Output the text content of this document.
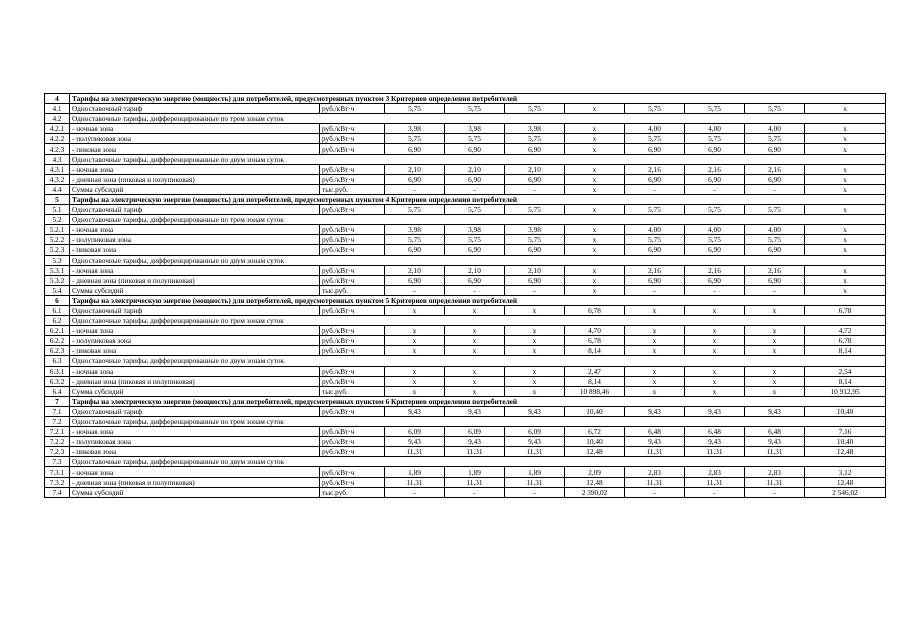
4	Тарифы на электрическую энергию (мощность) для потребителей, предусмотренных пунктом 3 Критериев определения потребителей									
4.1	Одноставочный тариф	руб./кВт·ч	5,75	5,75	5,75	х	5,75	5,75	5,75	х
4.2	Одноставочные тарифы, дифференцированные по трем зонам суток									
4.2.1	- ночная зона	руб./кВт·ч	3,98	3,98	3,98	х	4,00	4,00	4,00	х
4.2.2	- полупиковая зона	руб./кВт·ч	5,75	5,75	5,75	х	5,75	5,75	5,75	х
4.2.3	- пиковая зона	руб./кВт·ч	6,90	6,90	6,90	х	6,90	6,90	6,90	х
4.3	Одноставочные тарифы, дифференцированные по двум зонам суток									
4.3.1	- ночная зона	руб./кВт·ч	2,10	2,10	2,10	х	2,16	2,16	2,16	х
4.3.2	- дневная зона (пиковая и полупиковая)	руб./кВт·ч	6,90	6,90	6,90	х	6,90	6,90	6,90	х
4.4	Сумма субсидий	тыс.руб.	-	-	-	х	-	-	-	х
5	Тарифы на электрическую энергию (мощность) для потребителей, предусмотренных пунктом 4 Критериев определения потребителей									
5.1	Одноставочный тариф	руб./кВт·ч	5,75	5,75	5,75	х	5,75	5,75	5,75	х
5.2	Одноставочные тарифы, дифференцированные по трем зонам суток									
5.2.1	- ночная зона	руб./кВт·ч	3,98	3,98	3,98	х	4,00	4,00	4,00	х
5.2.2	- полупиковая зона	руб./кВт·ч	5,75	5,75	5,75	х	5,75	5,75	5,75	х
5.2.3	- пиковая зона	руб./кВт·ч	6,90	6,90	6,90	х	6,90	6,90	6,90	х
5.3	Одноставочные тарифы, дифференцированные по двум зонам суток									
5.3.1	- ночная зона	руб./кВт·ч	2,10	2,10	2,10	х	2,16	2,16	2,16	х
5.3.2	- дневная зона (пиковая и полупиковая)	руб./кВт·ч	6,90	6,90	6,90	х	6,90	6,90	6,90	х
5.4	Сумма субсидий	тыс.руб.	-	-	-	х	-	-	-	х
6	Тарифы на электрическую энергию (мощность) для потребителей, предусмотренных пунктом 5 Критериев определения потребителей									
6.1	Одноставочный тариф	руб./кВт·ч	х	х	х	6,78	х	х	х	6,78
6.2	Одноставочные тарифы, дифференцированные по трем зонам суток									
6.2.1	- ночная зона	руб./кВт·ч	х	х	х	4,70	х	х	х	4,72
6.2.2	- полупиковая зона	руб./кВт·ч	х	х	х	6,78	х	х	х	6,78
6.2.3	- пиковая зона	руб./кВт·ч	х	х	х	8,14	х	х	х	8,14
6.3	Одноставочные тарифы, дифференцированные по двум зонам суток									
6.3.1	- ночная зона	руб./кВт·ч	х	х	х	2,47	х	х	х	2,54
6.3.2	- дневная зона (пиковая и полупиковая)	руб./кВт·ч	х	х	х	8,14	х	х	х	8,14
6.4	Сумма субсидий	тыс.руб.	х	х	х	10 898,46	х	х	х	10 912,95
7	Тарифы на электрическую энергию (мощность) для потребителей, предусмотренных пунктом 6 Критериев определения потребителей									
7.1	Одноставочный тариф	руб./кВт·ч	9,43	9,43	9,43	10,40	9,43	9,43	9,43	10,40
7.2	Одноставочные тарифы, дифференцированные по трем зонам суток									
7.2.1	- ночная зона	руб./кВт·ч	6,09	6,09	6,09	6,72	6,48	6,48	6,48	7,16
7.2.2	- полупиковая зона	руб./кВт·ч	9,43	9,43	9,43	10,40	9,43	9,43	9,43	10,40
7.2.3	- пиковая зона	руб./кВт·ч	11,31	11,31	11,31	12,48	11,31	11,31	11,31	12,48
7.3	Одноставочные тарифы, дифференцированные по двум зонам суток									
7.3.1	- ночная зона	руб./кВт·ч	1,89	1,89	1,89	2,09	2,83	2,83	2,83	3,12
7.3.2	- дневная зона (пиковая и полупиковая)	руб./кВт·ч	11,31	11,31	11,31	12,48	11,31	11,31	11,31	12,48
7.4	Сумма субсидий	тыс.руб.	-	-	-	2 390,02	-	-	-	2 546,02
